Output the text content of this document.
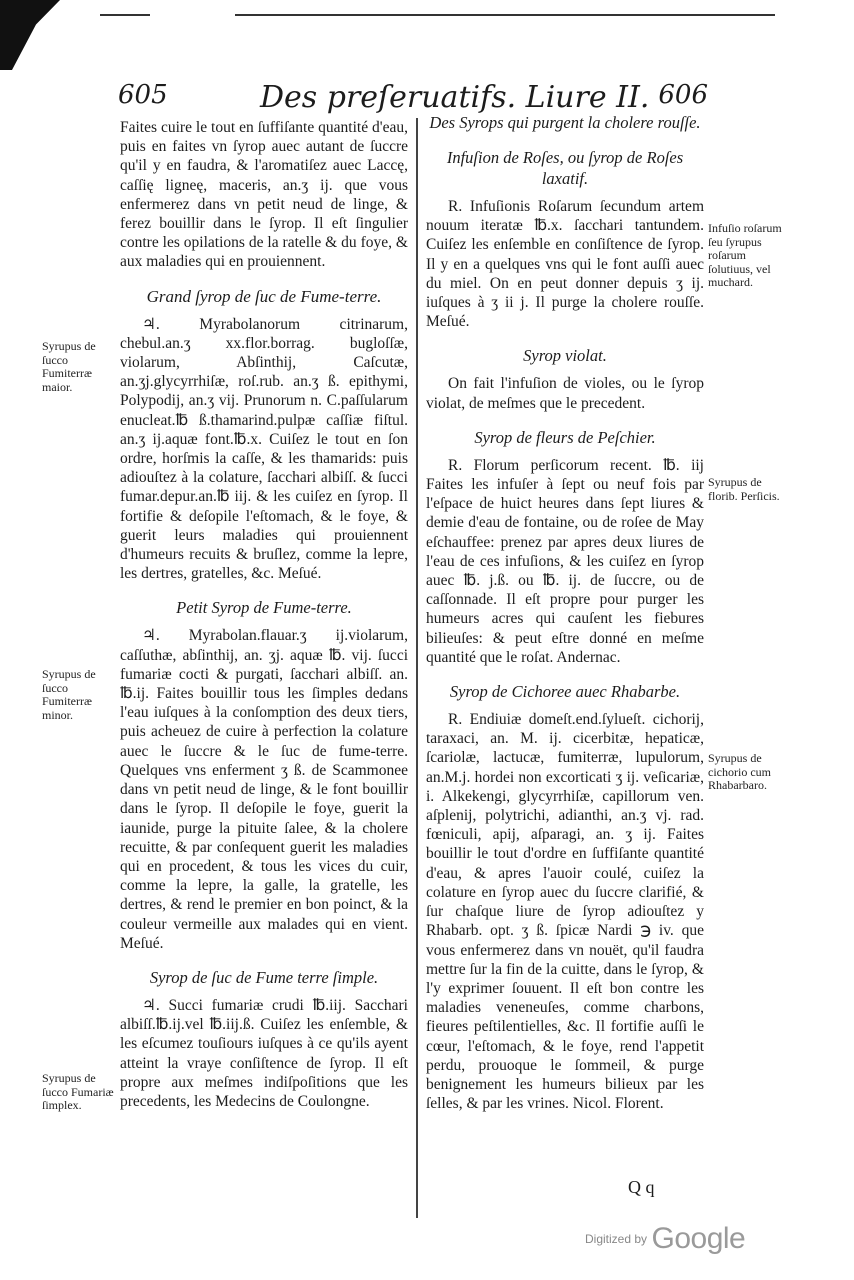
605	Des preſeruatifs. Liure II. 606

Faites cuire le tout en ſuffiſante quantité d'eau, puis en faites vn ſyrop auec autant de ſuccre qu'il y en faudra, & l'aromatiſez auec Laccę, caſſię ligneę, maceris, an.ʒ ij. que vous enfermerez dans vn petit neud de linge, & ferez bouillir dans le ſyrop. Il eſt ſingulier contre les opilations de la ratelle & du foye, & aux maladies qui en prouiennent.

Grand ſyrop de ſuc de Fume-terre.

♃. Myrabolanorum citrinarum, chebul.an.ʒ xx.flor.borrag. bugloſſæ, violarum, Abſinthij, Caſcutæ, an.ʒj.glycyrrhiſæ, roſ.rub. an.ʒ ß. epithymi, Polypodij, an.ʒ vij. Prunorum n. C.paſſularum enucleat.℔ ß.thamarind.pulpæ caſſiæ fiſtul. an.ʒ ij.aquæ font.℔.x. Cuiſez le tout en ſon ordre, horſmis la caſſe, & les thamarids: puis adiouſtez à la colature, ſacchari albiſſ. & ſucci fumar.depur.an.℔ iij. & les cuiſez en ſyrop. Il fortifie & deſopile l'eſtomach, & le foye, & guerit leurs maladies qui prouiennent d'humeurs recuits & bruſlez, comme la lepre, les dertres, gratelles, &c. Meſué.

Petit Syrop de Fume-terre.

♃. Myrabolan.flauar.ʒ ij.violarum, caſſuthæ, abſinthij, an. ʒj. aquæ ℔. vij. ſucci fumariæ cocti & purgati, ſacchari albiſſ. an. ℔.ij. Faites bouillir tous les ſimples dedans l'eau iuſques à la conſomption des deux tiers, puis acheuez de cuire à perfection la colature auec le ſuccre & le ſuc de fume-terre. Quelques vns enferment ʒ ß. de Scammonee dans vn petit neud de linge, & le font bouillir dans le ſyrop. Il deſopile le foye, guerit la iaunide, purge la pituite ſalee, & la cholere recuitte, & par conſequent guerit les maladies qui en procedent, & tous les vices du cuir, comme la lepre, la galle, la gratelle, les dertres, & rend le premier en bon poinct, & la couleur vermeille aux malades qui en vient. Meſué.

Syrop de ſuc de Fume terre ſimple.

♃. Succi fumariæ crudi ℔.iij. Sacchari albiſſ.℔.ij.vel ℔.iij.ß. Cuiſez les enſemble, & les eſcumez touſiours iuſques à ce qu'ils ayent atteint la vraye conſiſtence de ſyrop. Il eſt propre aux meſmes indiſpoſitions que les precedents, les Medecins de Coulongne.

Des Syrops qui purgent la cholere rouſſe.
Infuſion de Roſes, ou ſyrop de Roſes laxatif.

R. Infuſionis Roſarum ſecundum artem nouum iteratæ ℔.x. ſacchari tantundem. Cuiſez les enſemble en conſiſtence de ſyrop. Il y en a quelques vns qui le font auſſi auec du miel. On en peut donner depuis ʒ ij. iuſques à ʒ ii j. Il purge la cholere rouſſe. Meſué.

Syrop violat.

On fait l'infuſion de violes, ou le ſyrop violat, de meſmes que le precedent.

Syrop de fleurs de Peſchier.

R. Florum perſicorum recent. ℔. iij Faites les infuſer à ſept ou neuf fois par l'eſpace de huict heures dans ſept liures & demie d'eau de fontaine, ou de roſee de May eſchauffee: prenez par apres deux liures de l'eau de ces infuſions, & les cuiſez en ſyrop auec ℔. j.ß. ou ℔. ij. de ſuccre, ou de caſſonnade. Il eſt propre pour purger les humeurs acres qui cauſent les fiebures bilieuſes: & peut eſtre donné en meſme quantité que le roſat. Andernac.

Syrop de Cichoree auec Rhabarbe.

R. Endiuiæ domeſt.end.ſylueſt. cichorij, taraxaci, an. M. ij. cicerbitæ, hepaticæ, ſcariolæ, lactucæ, fumiterræ, lupulorum, an.M.j. hordei non excorticati ʒ ij. veſicariæ, i. Alkekengi, glycyrrhiſæ, capillorum ven. aſplenij, polytrichi, adianthi, an.ʒ vj. rad. fœniculi, apij, aſparagi, an. ʒ ij. Faites bouillir le tout d'ordre en ſuffiſante quantité d'eau, & apres l'auoir coulé, cuiſez la colature en ſyrop auec du ſuccre clarifié, & ſur chaſque liure de ſyrop adiouſtez y Rhabarb. opt. ʒ ß. ſpicæ Nardi ℈ iv. que vous enfermerez dans vn nouët, qu'il faudra mettre ſur la fin de la cuitte, dans le ſyrop, & l'y exprimer ſouuent. Il eſt bon contre les maladies veneneuſes, comme charbons, fieures peſtilentielles, &c. Il fortifie auſſi le cœur, l'eſtomach, & le foye, rend l'appetit perdu, prouoque le ſommeil, & purge benignement les humeurs bilieux par les ſelles, & par les vrines. Nicol. Florent.

Syrupus de ſucco Fumiterræ maior.
Syrupus de ſucco Fumiterræ minor.
Syrupus de ſucco Fumariæ ſimplex.
Infuſio roſarum ſeu ſyrupus roſarum ſolutiuus, vel muchard.
Syrupus de florib. Perſicis.
Syrupus de cichorio cum Rhabarbaro.
Q q
Digitized by Google
